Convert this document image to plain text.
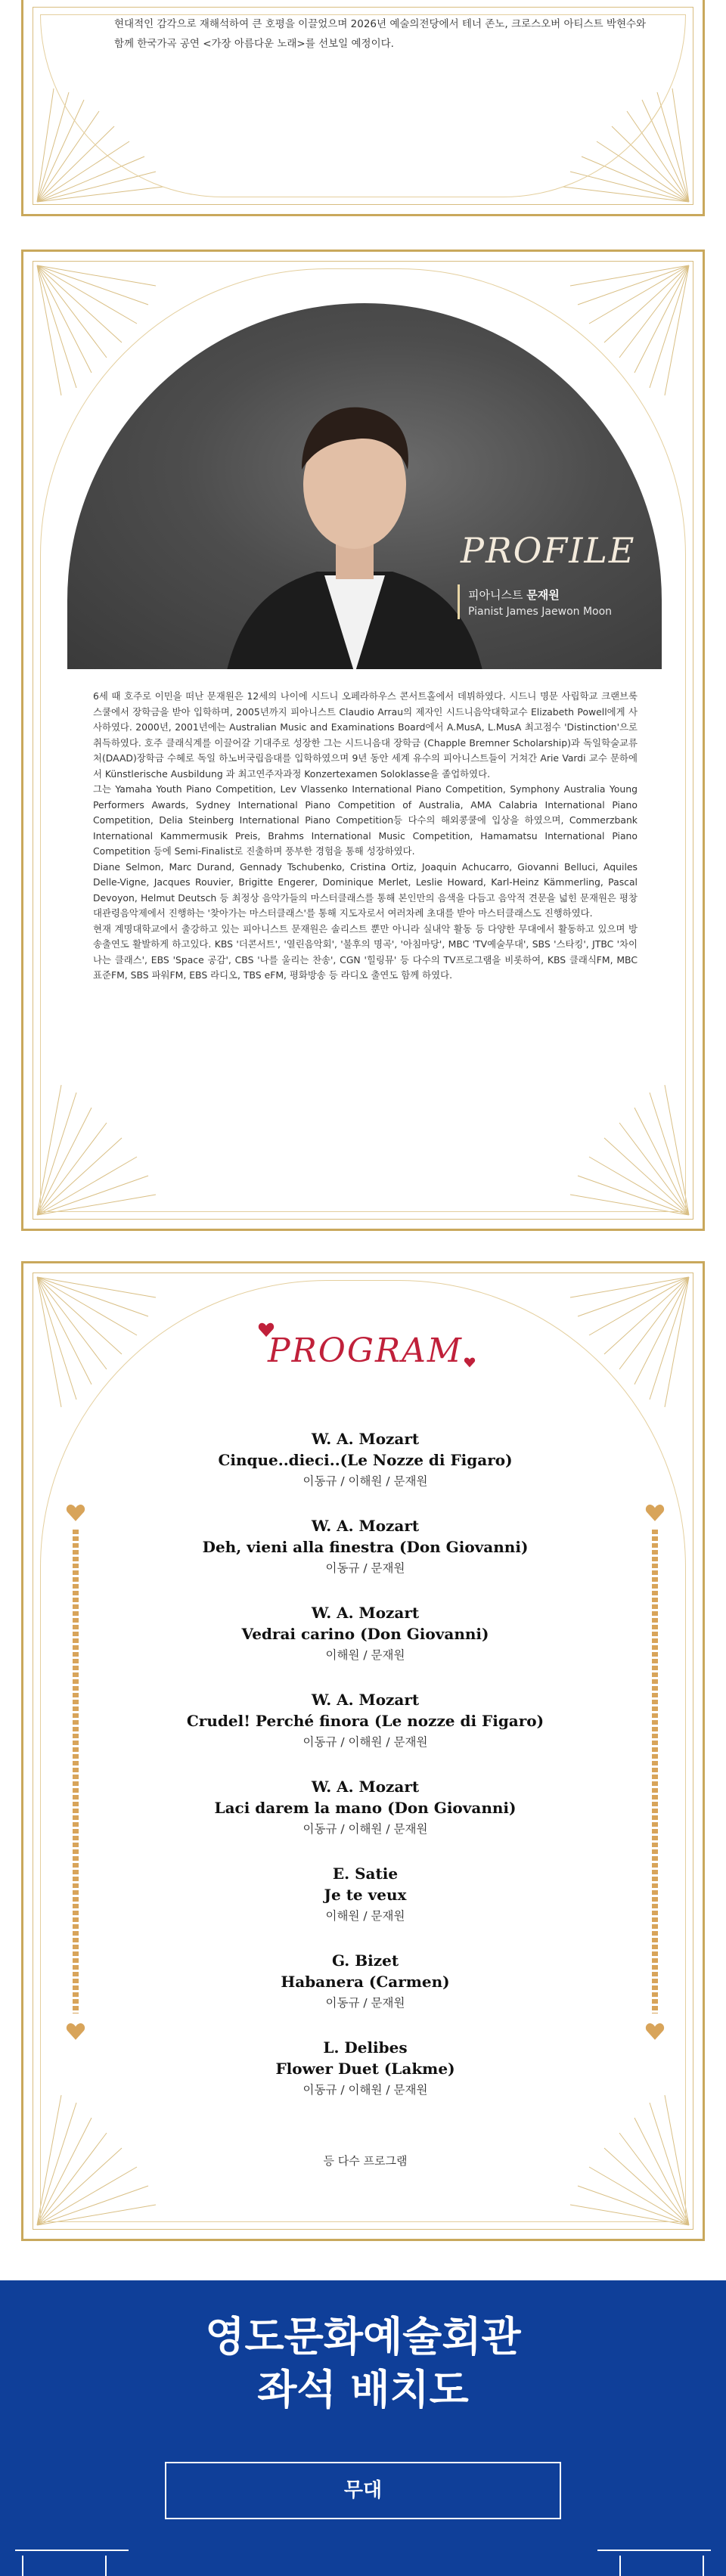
현대적인 감각으로 재해석하여 큰 호평을 이끌었으며 2026년 예술의전당에서 테너 존노, 크로스오버 아티스트 박현수와 함께 한국가곡 공연 <가장 아름다운 노래>를 선보일 예정이다.
PROFILE
피아니스트 문재원
Pianist James Jaewon Moon

6세 때 호주로 이민을 떠난 문재원은 12세의 나이에 시드니 오페라하우스 콘서트홀에서 데뷔하였다. 시드니 명문 사립학교 크랜브룩스쿨에서 장학금을 받아 입학하며, 2005년까지 피아니스트 Claudio Arrau의 제자인 시드니음악대학교수 Elizabeth Powell에게 사사하였다. 2000년, 2001년에는 Australian Music and Examinations Board에서 A.MusA, L.MusA 최고점수 'Distinction'으로 취득하였다. 호주 클래식계를 이끌어갈 기대주로 성장한 그는 시드니음대 장학금 (Chapple Bremner Scholarship)과 독일학술교류처(DAAD)장학금 수혜로 독일 하노버국립음대를 입학하였으며 9년 동안 세계 유수의 피아니스트들이 거쳐간 Arie Vardi 교수 문하에서 Künstlerische Ausbildung 과 최고연주자과정 Konzertexamen Soloklasse을 졸업하였다.

그는 Yamaha Youth Piano Competition, Lev Vlassenko International Piano Competition, Symphony Australia Young Performers Awards, Sydney International Piano Competition of Australia, AMA Calabria International Piano Competition, Delia Steinberg International Piano Competition등 다수의 해외콩쿨에 입상을 하였으며, Commerzbank International Kammermusik Preis, Brahms International Music Competition, Hamamatsu International Piano Competition 등에 Semi-Finalist로 진출하며 풍부한 경험을 통해 성장하였다.

Diane Selmon, Marc Durand, Gennady Tschubenko, Cristina Ortiz, Joaquin Achucarro, Giovanni Belluci, Aquiles Delle-Vigne, Jacques Rouvier, Brigitte Engerer, Dominique Merlet, Leslie Howard, Karl-Heinz Kämmerling, Pascal Devoyon, Helmut Deutsch 등 최정상 음악가들의 마스터클래스를 통해 본인만의 음색을 다듬고 음악적 견문을 넓힌 문재원은 평창대관령음악제에서 진행하는 '찾아가는 마스터클래스'를 통해 지도자로서 여러차례 초대를 받아 마스터클래스도 진행하였다.

현재 계명대학교에서 출강하고 있는 피아니스트 문재원은 솔리스트 뿐만 아니라 실내악 활동 등 다양한 무대에서 활동하고 있으며 방송출연도 활발하게 하고있다. KBS '더콘서트', '열린음악회', '불후의 명곡', '아침마당', MBC 'TV예술무대', SBS '스타킹', JTBC '차이나는 클래스', EBS 'Space 공감', CBS '나를 울리는 찬송', CGN '힐링뮤' 등 다수의 TV프로그램을 비롯하여, KBS 클래식FM, MBC 표준FM, SBS 파워FM, EBS 라디오, TBS eFM, 평화방송 등 라디오 출연도 함께 하였다.

PROGRAM
W. A. Mozart
Cinque..dieci..(Le Nozze di Figaro)
이동규 / 이해원 / 문재원
W. A. Mozart
Deh, vieni alla finestra (Don Giovanni)
이동규 / 문재원
W. A. Mozart
Vedrai carino (Don Giovanni)
이해원 / 문재원
W. A. Mozart
Crudel! Perché finora (Le nozze di Figaro)
이동규 / 이해원 / 문재원
W. A. Mozart
Laci darem la mano (Don Giovanni)
이동규 / 이해원 / 문재원
E. Satie
Je te veux
이해원 / 문재원
G. Bizet
Habanera (Carmen)
이동규 / 문재원
L. Delibes
Flower Duet (Lakme)
이동규 / 이해원 / 문재원
등 다수 프로그램
영도문화예술회관
좌석 배치도
무대
